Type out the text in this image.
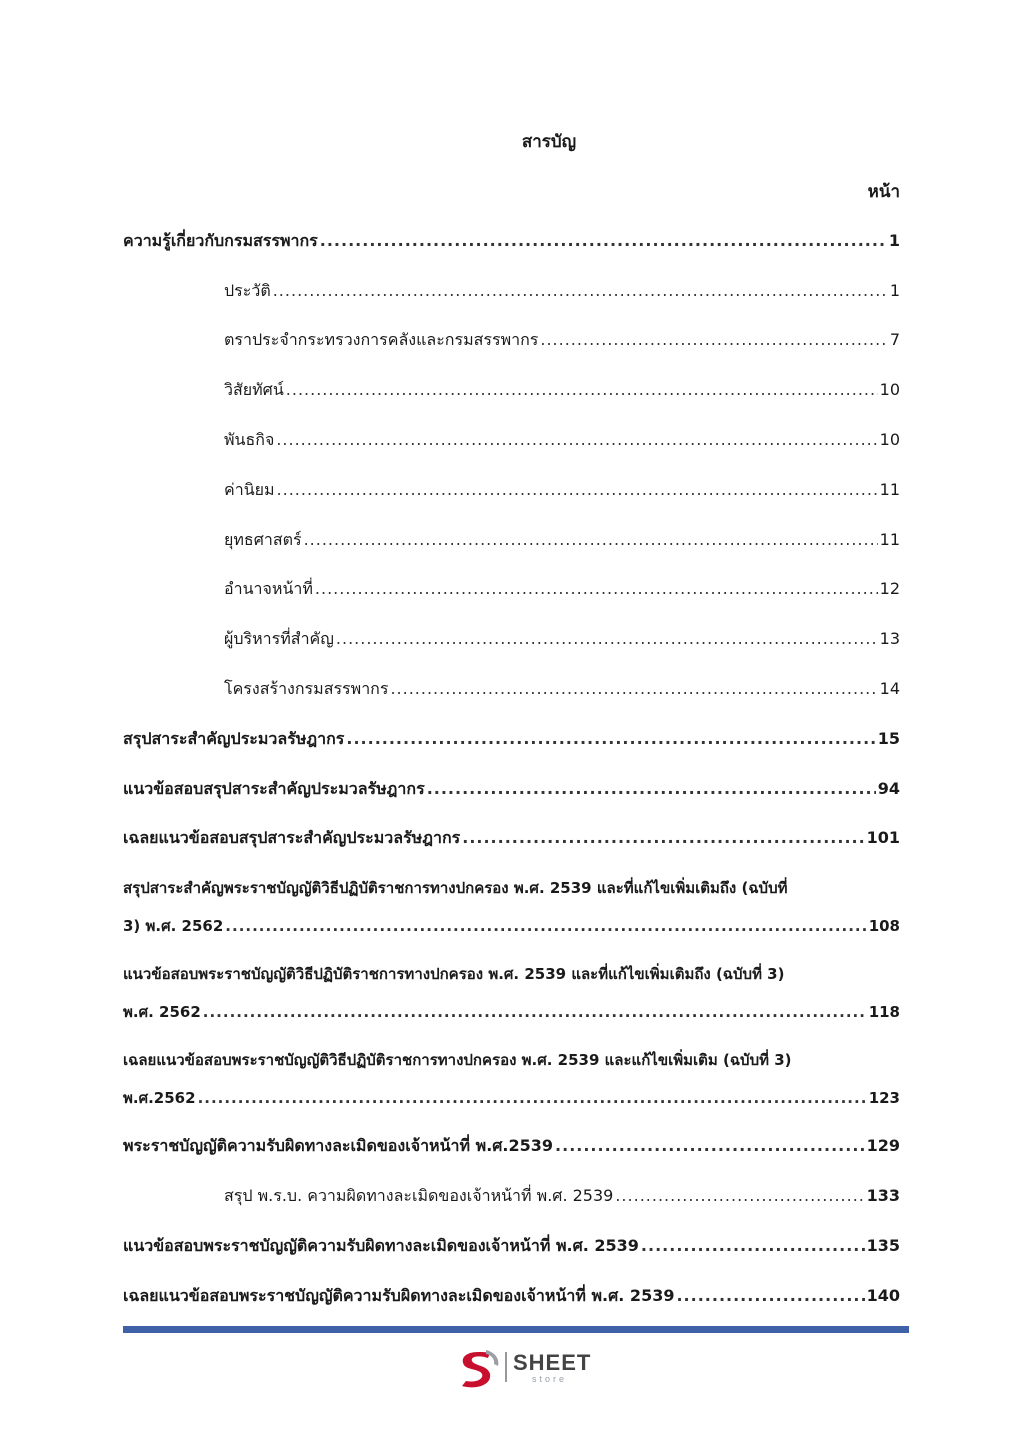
สารบัญ
หน้า
ความรู้เกี่ยวกับกรมสรรพากร .....	1
ประวัติ .....	1
ตราประจำกระทรวงการคลังและกรมสรรพากร .....	7
วิสัยทัศน์ .....	10
พันธกิจ .....	10
ค่านิยม .....	11
ยุทธศาสตร์ .....	11
อำนาจหน้าที่ .....	12
ผู้บริหารที่สำคัญ .....	13
โครงสร้างกรมสรรพากร .....	14
สรุปสาระสำคัญประมวลรัษฎากร .....	15
แนวข้อสอบสรุปสาระสำคัญประมวลรัษฎากร .....	94
เฉลยแนวข้อสอบสรุปสาระสำคัญประมวลรัษฎากร .....	101
สรุปสาระสำคัญพระราชบัญญัติวิธีปฏิบัติราชการทางปกครอง พ.ศ. 2539 และที่แก้ไขเพิ่มเติมถึง (ฉบับที่
3) พ.ศ. 2562 .....	108
แนวข้อสอบพระราชบัญญัติวิธีปฏิบัติราชการทางปกครอง พ.ศ. 2539 และที่แก้ไขเพิ่มเติมถึง (ฉบับที่ 3)
พ.ศ. 2562 .....	118
เฉลยแนวข้อสอบพระราชบัญญัติวิธีปฏิบัติราชการทางปกครอง พ.ศ. 2539 และแก้ไขเพิ่มเติม (ฉบับที่ 3)
พ.ศ.2562 .....	123
พระราชบัญญัติความรับผิดทางละเมิดของเจ้าหน้าที่ พ.ศ.2539 .....	129
สรุป พ.ร.บ. ความผิดทางละเมิดของเจ้าหน้าที่ พ.ศ. 2539 .....	133
แนวข้อสอบพระราชบัญญัติความรับผิดทางละเมิดของเจ้าหน้าที่ พ.ศ. 2539 .....	135
เฉลยแนวข้อสอบพระราชบัญญัติความรับผิดทางละเมิดของเจ้าหน้าที่ พ.ศ. 2539 .....	140
SHEET
store
